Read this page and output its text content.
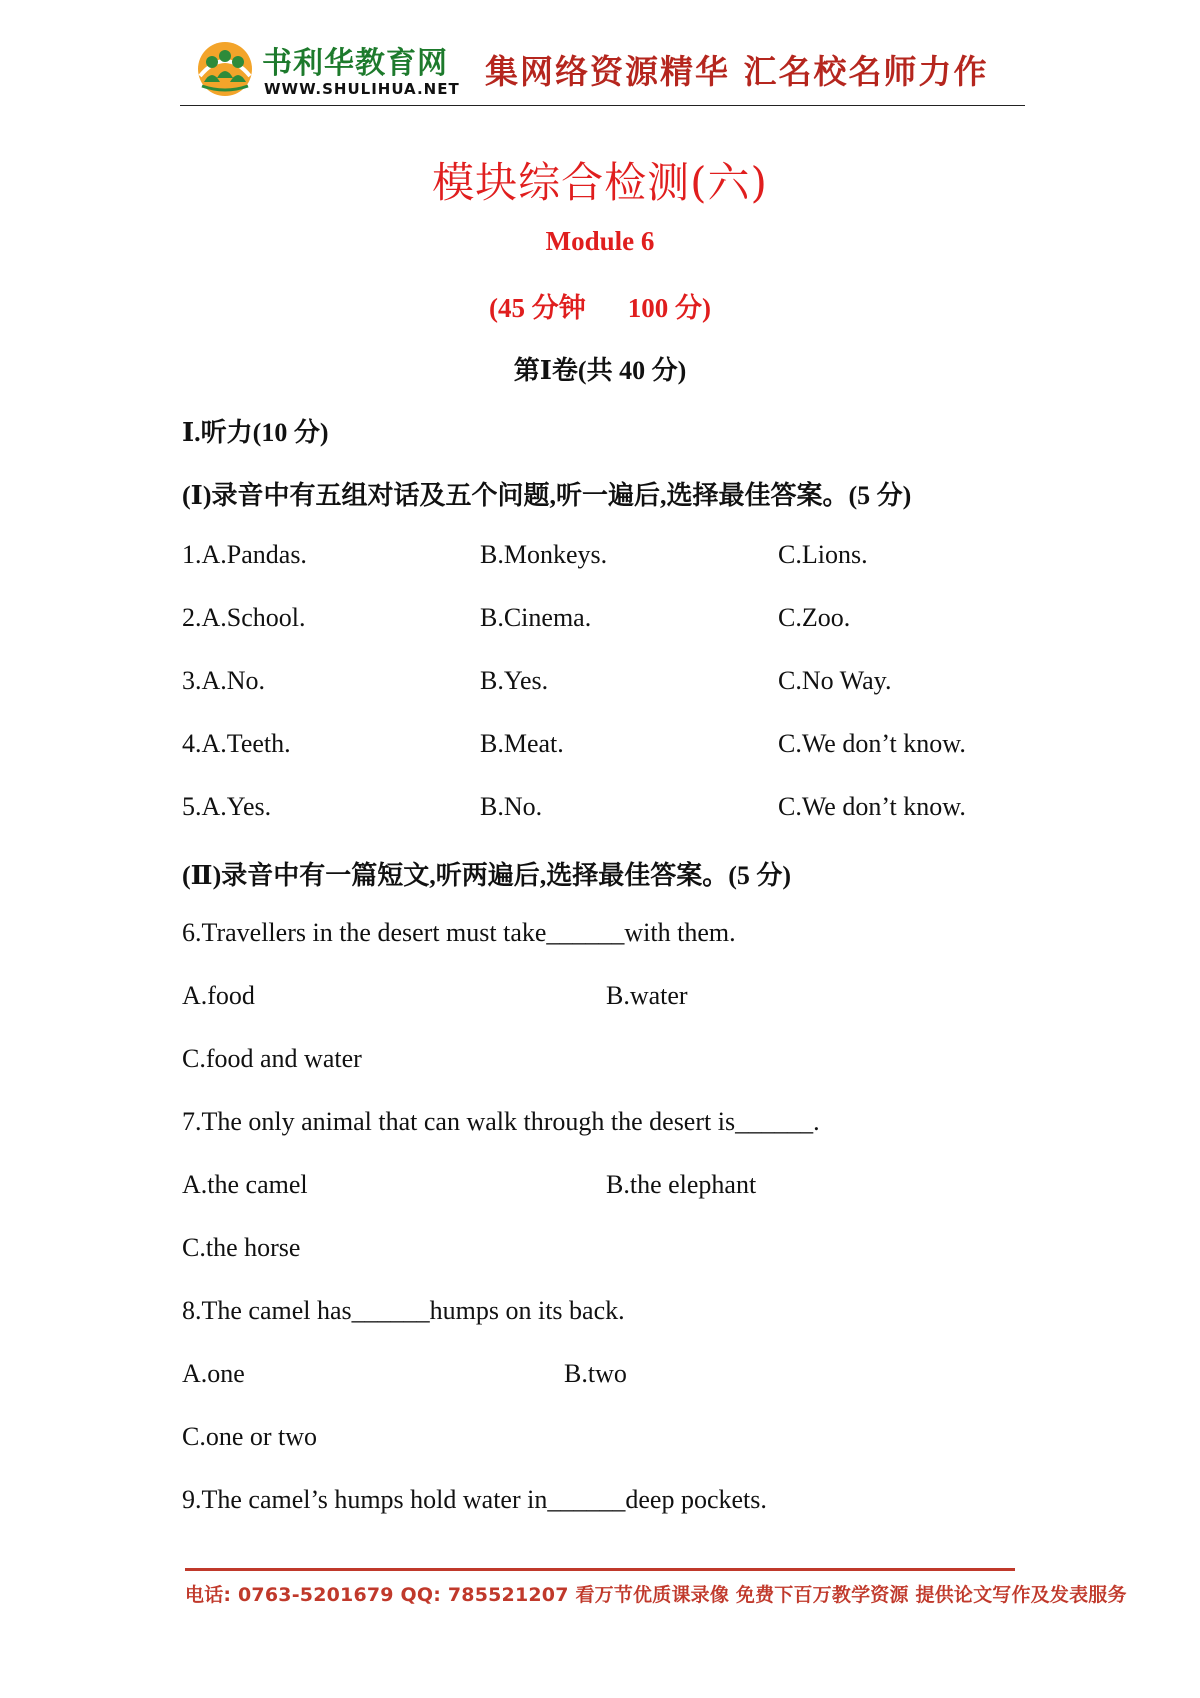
书利华教育网
WWW.SHULIHUA.NET 集网络资源精华 汇名校名师力作
模块综合检测(六)
Module 6
(45 分钟 100 分)
第Ⅰ卷(共 40 分)
Ⅰ.听力(10 分)
(Ⅰ)录音中有五组对话及五个问题,听一遍后,选择最佳答案。(5 分)
1.A.Pandas.	B.Monkeys.	C.Lions.
2.A.School.	B.Cinema.	C.Zoo.
3.A.No.	B.Yes.	C.No Way.
4.A.Teeth.	B.Meat.	C.We don’t know.
5.A.Yes.	B.No.	C.We don’t know.
(Ⅱ)录音中有一篇短文,听两遍后,选择最佳答案。(5 分)
6.Travellers in the desert must take______with them.
A.food	B.water
C.food and water
7.The only animal that can walk through the desert is______.
A.the camel	B.the elephant
C.the horse
8.The camel has______humps on its back.
A.one	B.two
C.one or two
9.The camel’s humps hold water in______deep pockets.
电话: 0763-5201679 QQ: 785521207 看万节优质课录像 免费下百万教学资源 提供论文写作及发表服务
